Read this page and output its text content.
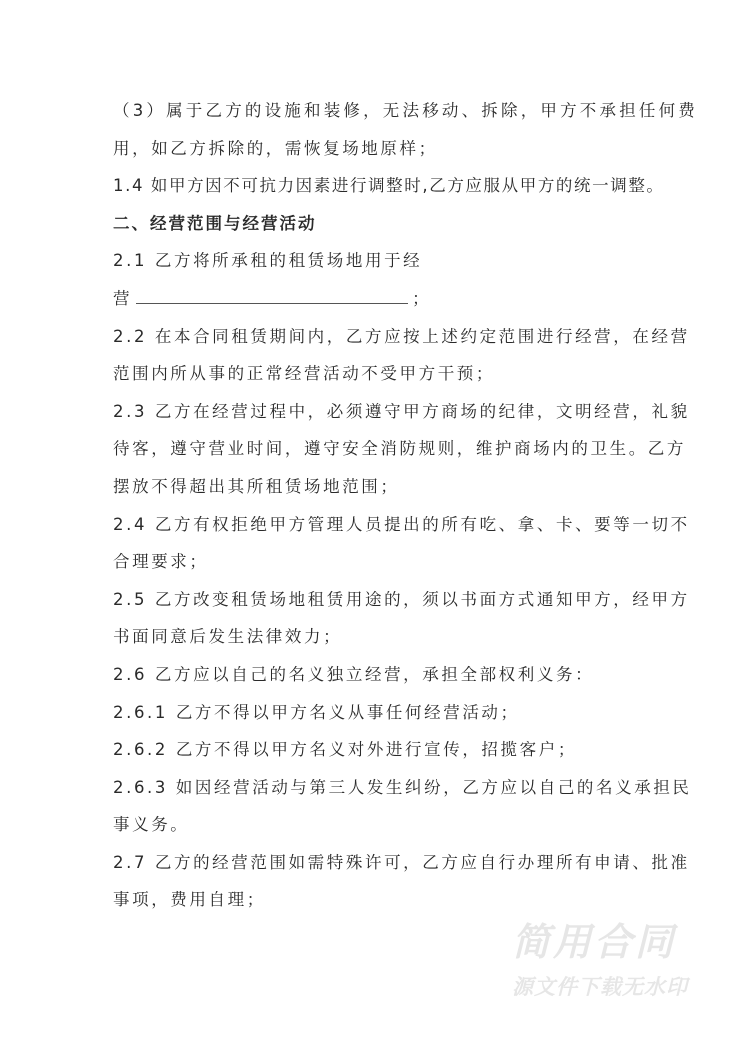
（3）属于乙方的设施和装修，无法移动、拆除，甲方不承担任何费
用，如乙方拆除的，需恢复场地原样；
1.4 如甲方因不可抗力因素进行调整时,乙方应服从甲方的统一调整。
二、经营范围与经营活动
2.1 乙方将所承租的租赁场地用于经
营	；
2.2 在本合同租赁期间内，乙方应按上述约定范围进行经营，在经营
范围内所从事的正常经营活动不受甲方干预；
2.3 乙方在经营过程中，必须遵守甲方商场的纪律，文明经营，礼貌
待客，遵守营业时间，遵守安全消防规则，维护商场内的卫生。乙方
摆放不得超出其所租赁场地范围；
2.4 乙方有权拒绝甲方管理人员提出的所有吃、拿、卡、要等一切不
合理要求；
2.5 乙方改变租赁场地租赁用途的，须以书面方式通知甲方，经甲方
书面同意后发生法律效力；
2.6 乙方应以自己的名义独立经营，承担全部权利义务：
2.6.1 乙方不得以甲方名义从事任何经营活动；
2.6.2 乙方不得以甲方名义对外进行宣传，招揽客户；
2.6.3 如因经营活动与第三人发生纠纷，乙方应以自己的名义承担民
事义务。
2.7 乙方的经营范围如需特殊许可，乙方应自行办理所有申请、批准
事项，费用自理；
简用合同
源文件下载无水印
